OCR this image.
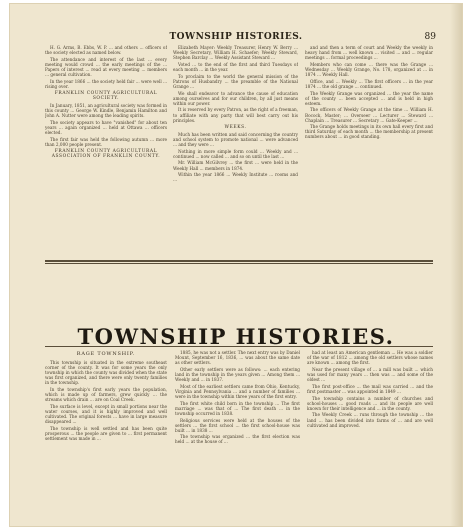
TOWNSHIP HISTORIES.	89

H. G. Arms, B. Ebbs, W. P. ... and others ... officers of the society elected as named below.

The attendance and interest of the last ... every meeting would crowd ... the early meetings of the ... Papers of interest ... read at every meeting ... members ... general cultivation.

In the year 1866 ... the society held fair ... were well ... rising over.

FRANKLIN COUNTY AGRICULTURAL SOCIETY.

In January, 1851, an agricultural society was formed in this county ... George W. Kindle, Benjamin Hamilton and John A. Nutter were among the leading spirits.

The society appears to have "vanished" for about ten years ... again organized ... held at Ottawa ... officers elected.

The first fair was held the following autumn ... more than 2,000 people present.

FRANKLIN COUNTY AGRICULTURAL ASSOCIATION OF FRANKLIN COUNTY.

Elizabeth Mayer: Weekly Treasurer, Henry W. Berry ... Weekly Secretary, William H. Schaefer; Weekly Steward, Stephen Barclay ... Weekly Assistant Steward ...

Voted ... to the end of the first and third Tuesdays of each month ... in the year.

To proclaim to the world the general mission of the Patrons of Husbandry ... the preamble of the National Grange ...

We shall endeavor to advance the cause of education among ourselves and for our children, by all just means within our power.

It is reserved by every Patron, as the right of a freeman, to affiliate with any party that will best carry out his principles.

WEEKS.

Much has been written and said concerning the country and school system to promote national ... were advanced ... and they were ...

Nothing in more simple form could ... Weekly and ... continued ... now called ... and so on until the last ...

Mr. William McGilvrey ... the first ... were held in the Weekly Hall ... members in 1874.

Within the year 1866 ... Weekly Institute ... rooms and ...

and and then a term of court and Weekly the weekly in heavy hand from ... well known ... visited ... and ... regular meetings ... formal proceedings ...

Members who can come ... there was the Grange ... Wednesday ... Weekly Grange, No. 178, organized at ... in 1874 ... Weekly Hall.

Office, and ... Weekly ... The first officers ... in the year 1874 ... the old grange ... continued.

The Weekly Grange was organized ... the year the name of the county ... been accepted ... and is held in high esteem.

The officers of Weekly Grange at the time ... William H. Bocock, Master; ... Overseer ... Lecturer ... Steward ... Chaplain ... Treasurer ... Secretary ... Gate-Keeper ...

The Grange holds meetings in its own hall every first and third Saturday of each month ... the membership at present numbers about ... in good standing.

TOWNSHIP HISTORIES.
RAGE TOWNSHIP.

This township is situated in the extreme southeast corner of the county. It was for some years the only township in which the county was divided when the state was first organized, and there were only twenty families in the township.

In the township's first early years the population, which is made up of farmers, grew quickly ... the streams which drain ... are on Coal Creek.

The surface is level, except in small portions near the water courses, and it is highly improved and well cultivated. The original forests ... have in large measure disappeared ...

The township is well settled and has been quite prosperous ... the people are given to ... first permanent settlement was made in ...

1885, he was not a settler. The next entry was by Daniel Mount, September 16, 1836, ... was about the same date as other settlers.

Other early settlers were as follows: ... each entering land in the township in the years given ... Among them ... Weekly and ... in 1837.

Most of the earliest settlers came from Ohio, Kentucky, Virginia and Pennsylvania ... and a number of families ... were in the township within three years of the first entry.

The first white child born in the township ... The first marriage ... was that of ... The first death ... in the township occurred in 1838.

Religious services were held at the houses of the settlers ... the first school ... the first school-house was built ... in 1838 ...

The township was organized ... the first election was held ... at the house of ...

had at least an American gentleman ... He was a soldier of the war of 1812 ... among the old settlers whose names are known ... among the first.

Near the present village of ... a mill was built ... which was used for many years ... then was ... and some of the oldest ...

The first post-office ... the mail was carried ... and the first postmaster ... was appointed in 1849 ...

The township contains a number of churches and school-houses ... good roads ... and its people are well known for their intelligence and ... in the county.

The Weekly Creek ... runs through the township ... the land ... has been divided into farms of ... and are well cultivated and improved.
